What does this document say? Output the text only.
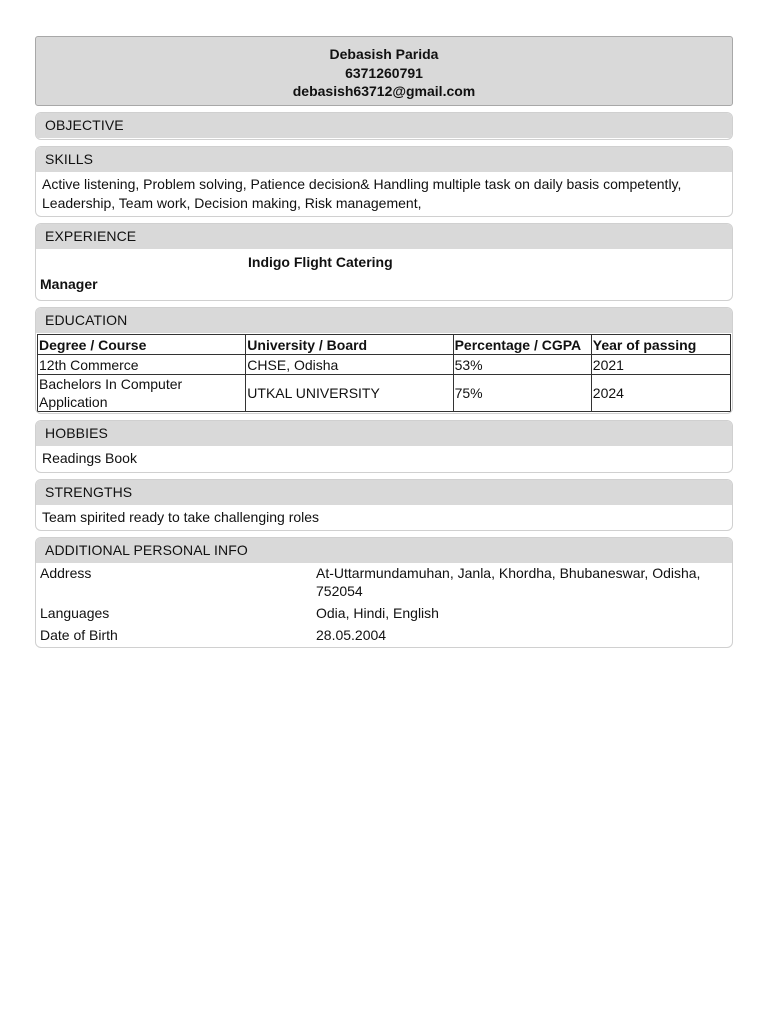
Debasish Parida
6371260791
debasish63712@gmail.com
OBJECTIVE
SKILLS
Active listening, Problem solving, Patience decision& Handling multiple task on daily basis competently, Leadership, Team work, Decision making, Risk management,
EXPERIENCE
Indigo Flight Catering
Manager
EDUCATION
Degree / Course	University / Board	Percentage / CGPA	Year of passing
12th Commerce	CHSE, Odisha	53%	2021
Bachelors In Computer Application	UTKAL UNIVERSITY	75%	2024
HOBBIES
Readings Book
STRENGTHS
Team spirited ready to take challenging roles
ADDITIONAL PERSONAL INFO
Address	At-Uttarmundamuhan, Janla, Khordha, Bhubaneswar, Odisha, 752054
Languages	Odia, Hindi, English
Date of Birth	28.05.2004
